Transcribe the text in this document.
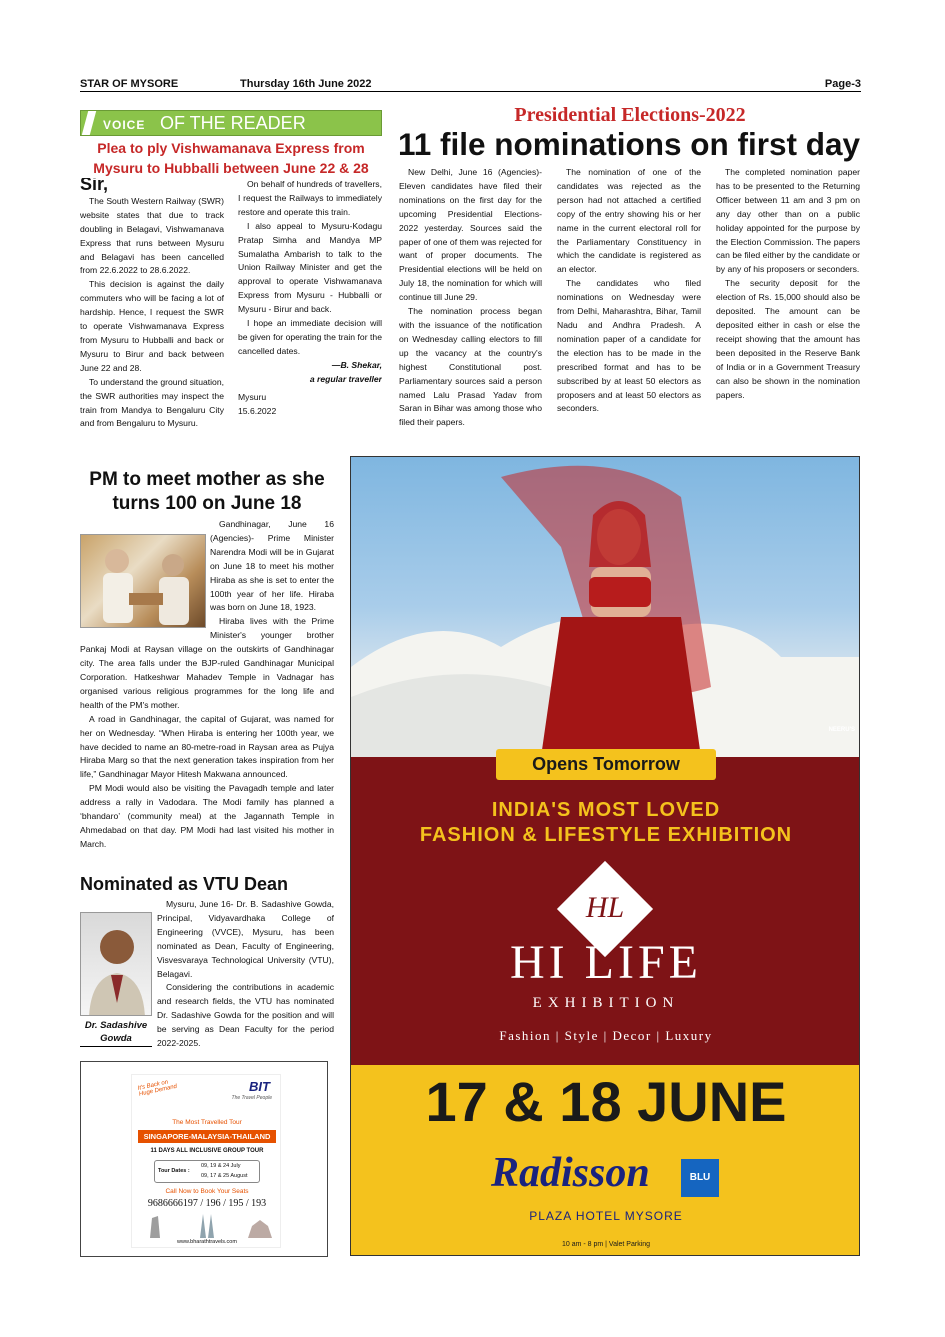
STAR OF MYSORE	Thursday 16th June 2022	Page-3
VOICE OF THE READER
Plea to ply Vishwamanava Express from
Mysuru to Hubballi between June 22 & 28
Sir,

The South Western Railway (SWR) website states that due to track doubling in Belagavi, Vishwamanava Express that runs between Mysuru and Belagavi has been cancelled from 22.6.2022 to 28.6.2022.

This decision is against the daily commuters who will be facing a lot of hardship. Hence, I request the SWR to operate Vishwamanava Express from Mysuru to Hubballi and back or Mysuru to Birur and back between June 22 and 28.

To understand the ground situation, the SWR authorities may inspect the train from Mandya to Bengaluru City and from Bengaluru to Mysuru.

On behalf of hundreds of travellers, I request the Railways to immediately restore and operate this train.

I also appeal to Mysuru-Kodagu Pratap Simha and Mandya MP Sumalatha Ambarish to talk to the Union Railway Minister and get the approval to operate Vishwamanava Express from Mysuru - Hubballi or Mysuru - Birur and back.

I hope an immediate decision will be given for operating the train for the cancelled dates.

—B. Shekar,
a regular traveller
Mysuru
15.6.2022
Presidential Elections-2022
11 file nominations on first day

New Delhi, June 16 (Agencies)- Eleven candidates have filed their nominations on the first day for the upcoming Presidential Elections-2022 yesterday. Sources said the paper of one of them was rejected for want of proper documents. The Presidential elections will be held on July 18, the nomination for which will continue till June 29.

The nomination process began with the issuance of the notification on Wednesday calling electors to fill up the vacancy at the country's highest Constitutional post. Parliamentary sources said a person named Lalu Prasad Yadav from Saran in Bihar was among those who filed their papers.

The nomination of one of the candidates was rejected as the person had not attached a certified copy of the entry showing his or her name in the current electoral roll for the Parliamentary Constituency in which the candidate is registered as an elector.

The candidates who filed nominations on Wednesday were from Delhi, Maharashtra, Bihar, Tamil Nadu and Andhra Pradesh. A nomination paper of a candidate for the election has to be made in the prescribed format and has to be subscribed by at least 50 electors as proposers and at least 50 electors as seconders.

The completed nomination paper has to be presented to the Returning Officer between 11 am and 3 pm on any day other than on a public holiday appointed for the purpose by the Election Commission. The papers can be filed either by the candidate or by any of his proposers or seconders.

The security deposit for the election of Rs. 15,000 should also be deposited. The amount can be deposited either in cash or else the receipt showing that the amount has been deposited in the Reserve Bank of India or in a Government Treasury can also be shown in the nomination papers.

PM to meet mother as she turns 100 on June 18

Gandhinagar, June 16 (Agencies)- Prime Minister Narendra Modi will be in Gujarat on June 18 to meet his mother Hiraba as she is set to enter the 100th year of her life. Hiraba was born on June 18, 1923.

Hiraba lives with the Prime Minister's younger brother Pankaj Modi at Raysan village on the outskirts of Gandhinagar city. The area falls under the BJP-ruled Gandhinagar Municipal Corporation. Hatkeshwar Mahadev Temple in Vadnagar has organised various religious programmes for the long life and health of the PM's mother.

A road in Gandhinagar, the capital of Gujarat, was named for her on Wednesday. “When Hiraba is entering her 100th year, we have decided to name an 80-metre-road in Raysan area as Pujya Hiraba Marg so that the next generation takes inspiration from her life,” Gandhinagar Mayor Hitesh Makwana announced.

PM Modi would also be visiting the Pavagadh temple and later address a rally in Vadodara. The Modi family has planned a ‘bhandaro’ (community meal) at the Jagannath Temple in Ahmedabad on that day. PM Modi had last visited his mother in March.

Nominated as VTU Dean
Dr. Sadashive
Gowda

Mysuru, June 16- Dr. B. Sadashive Gowda, Principal, Vidyavardhaka College of Engineering (VVCE), Mysuru, has been nominated as Dean, Faculty of Engineering, Visvesvaraya Technological University (VTU), Belagavi.

Considering the contributions in academic and research fields, the VTU has nominated Dr. Sadashive Gowda for the position and will be serving as Dean Faculty for the period 2022-2025.

It's Back on Huge Demand	BIT
The Travel People
The Most Travelled Tour
SINGAPORE-MALAYSIA-THAILAND
11 DAYS ALL INCLUSIVE GROUP TOUR
Tour Dates :
09, 19 & 24 July
09, 17 & 25 August
Call Now to Book Your Seats
9686666197 / 196 / 195 / 193
www.bharathtravels.com
NEERU'S
Opens Tomorrow
INDIA'S MOST LOVED
FASHION & LIFESTYLE EXHIBITION
HL
HI LIFE
EXHIBITION
Fashion | Style | Decor | Luxury
17 & 18 JUNE
Radisson	BLU
PLAZA HOTEL MYSORE
10 am - 8 pm | Valet Parking
